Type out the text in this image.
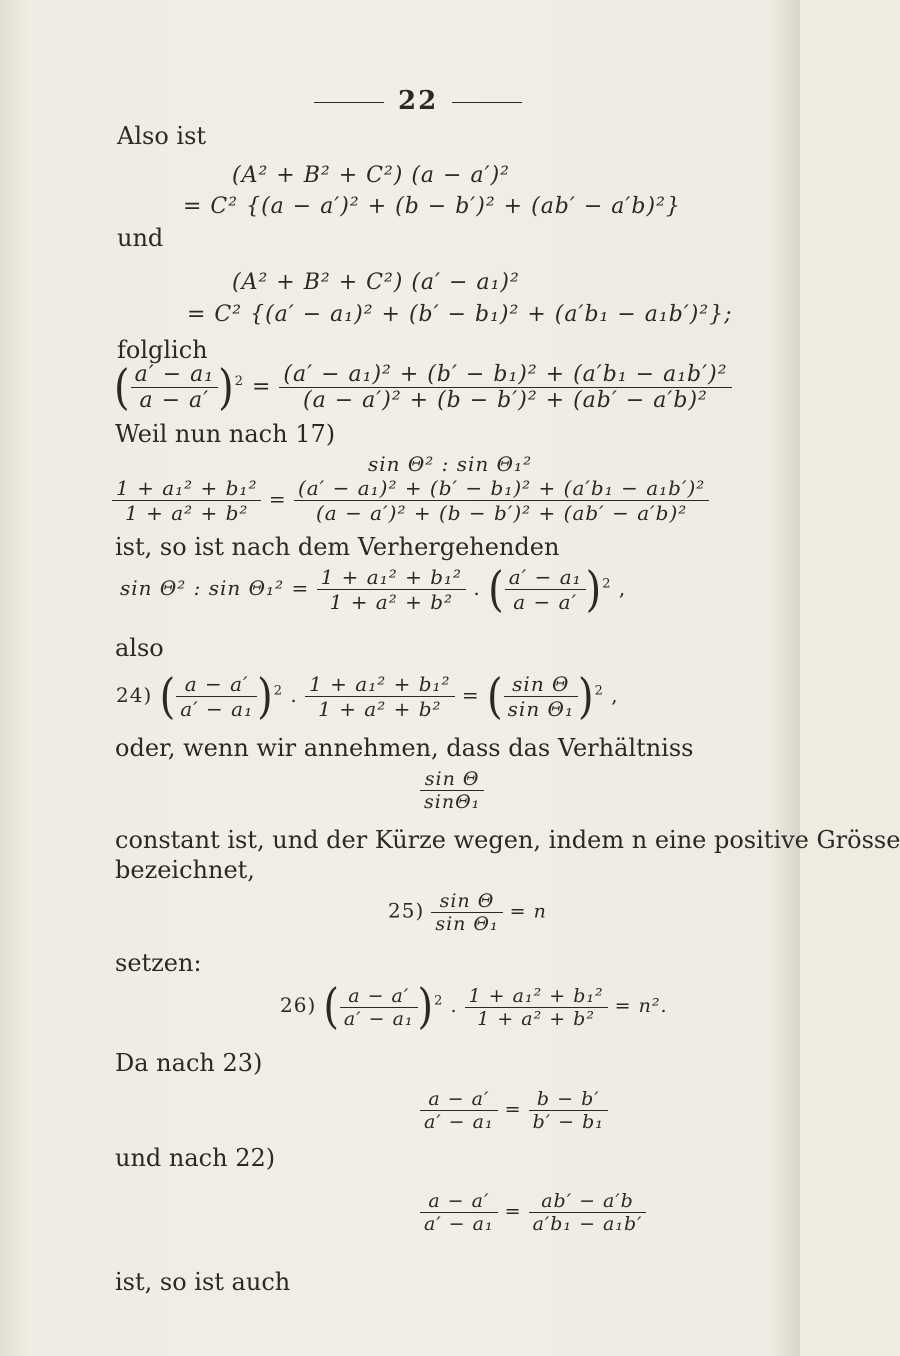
22
Also ist
(A² + B² + C²) (a − a′)²
= C² {(a − a′)² + (b − b′)² + (ab′ − a′b)²}
und
(A² + B² + C²) (a′ − a₁)²
= C² {(a′ − a₁)² + (b′ − b₁)² + (a′b₁ − a₁b′)²};
folglich
( $\frac{\text{a′ − a₁}}{a - a'} )^2 = \frac{\text{(a′ − a₁)² + (b′ − b₁)² + (a′b₁ − a₁b′)²}}{\text{(a − a′)² + (b − b′)² + (ab′ − a′b)²}}$
Weil nun nach 17)
sin Θ² : sin Θ₁²
$\frac{\text{1 + a₁² + b₁²}}{\text{1 + a² + b²}} = \frac{\text{(a′ − a₁)² + (b′ − b₁)² + (a′b₁ − a₁b′)²}}{\text{(a − a′)² + (b − b′)² + (ab′ − a′b)²}}$
ist, so ist nach dem Verhergehenden
sin Θ² : $\sin \Theta_1^2 = \frac{\text{1 + a₁² + b₁²}}{\text{1 + a² + b²}}$ . ( $\frac{\text{a′ − a₁}}{a - a'} )^2$ ,
also
24) ( $\frac{a - a'}{\text{a′ − a₁}} )^2$ . $\frac{\text{1 + a₁² + b₁²}}{\text{1 + a² + b²}}$ = ( $\frac{\text{sin Θ}}{\text{sin Θ₁}} )^2$ ,
oder, wenn wir annehmen, dass das Verhältniss
$\frac{\text{sin Θ}}{\text{sinΘ₁}}$
constant ist, und der Kürze wegen, indem n eine positive Grösse
bezeichnet,
$25) \frac{\text{sin Θ}}{\text{sin Θ₁}} = n$
setzen:
26) ( $\frac{a - a'}{\text{a′ − a₁}} )^2$ . $\frac{\text{1 + a₁² + b₁²}}{\text{1 + a² + b²}} = n^2$.
Da nach 23)
$\frac{a - a'}{\text{a′ − a₁}} = \frac{b - b'}{\text{b′ − b₁}}$
und nach 22)
$\frac{a - a'}{\text{a′ − a₁}} = \frac{ab' - a'b}{\text{a′b₁ − a₁b′}}$
ist, so ist auch
